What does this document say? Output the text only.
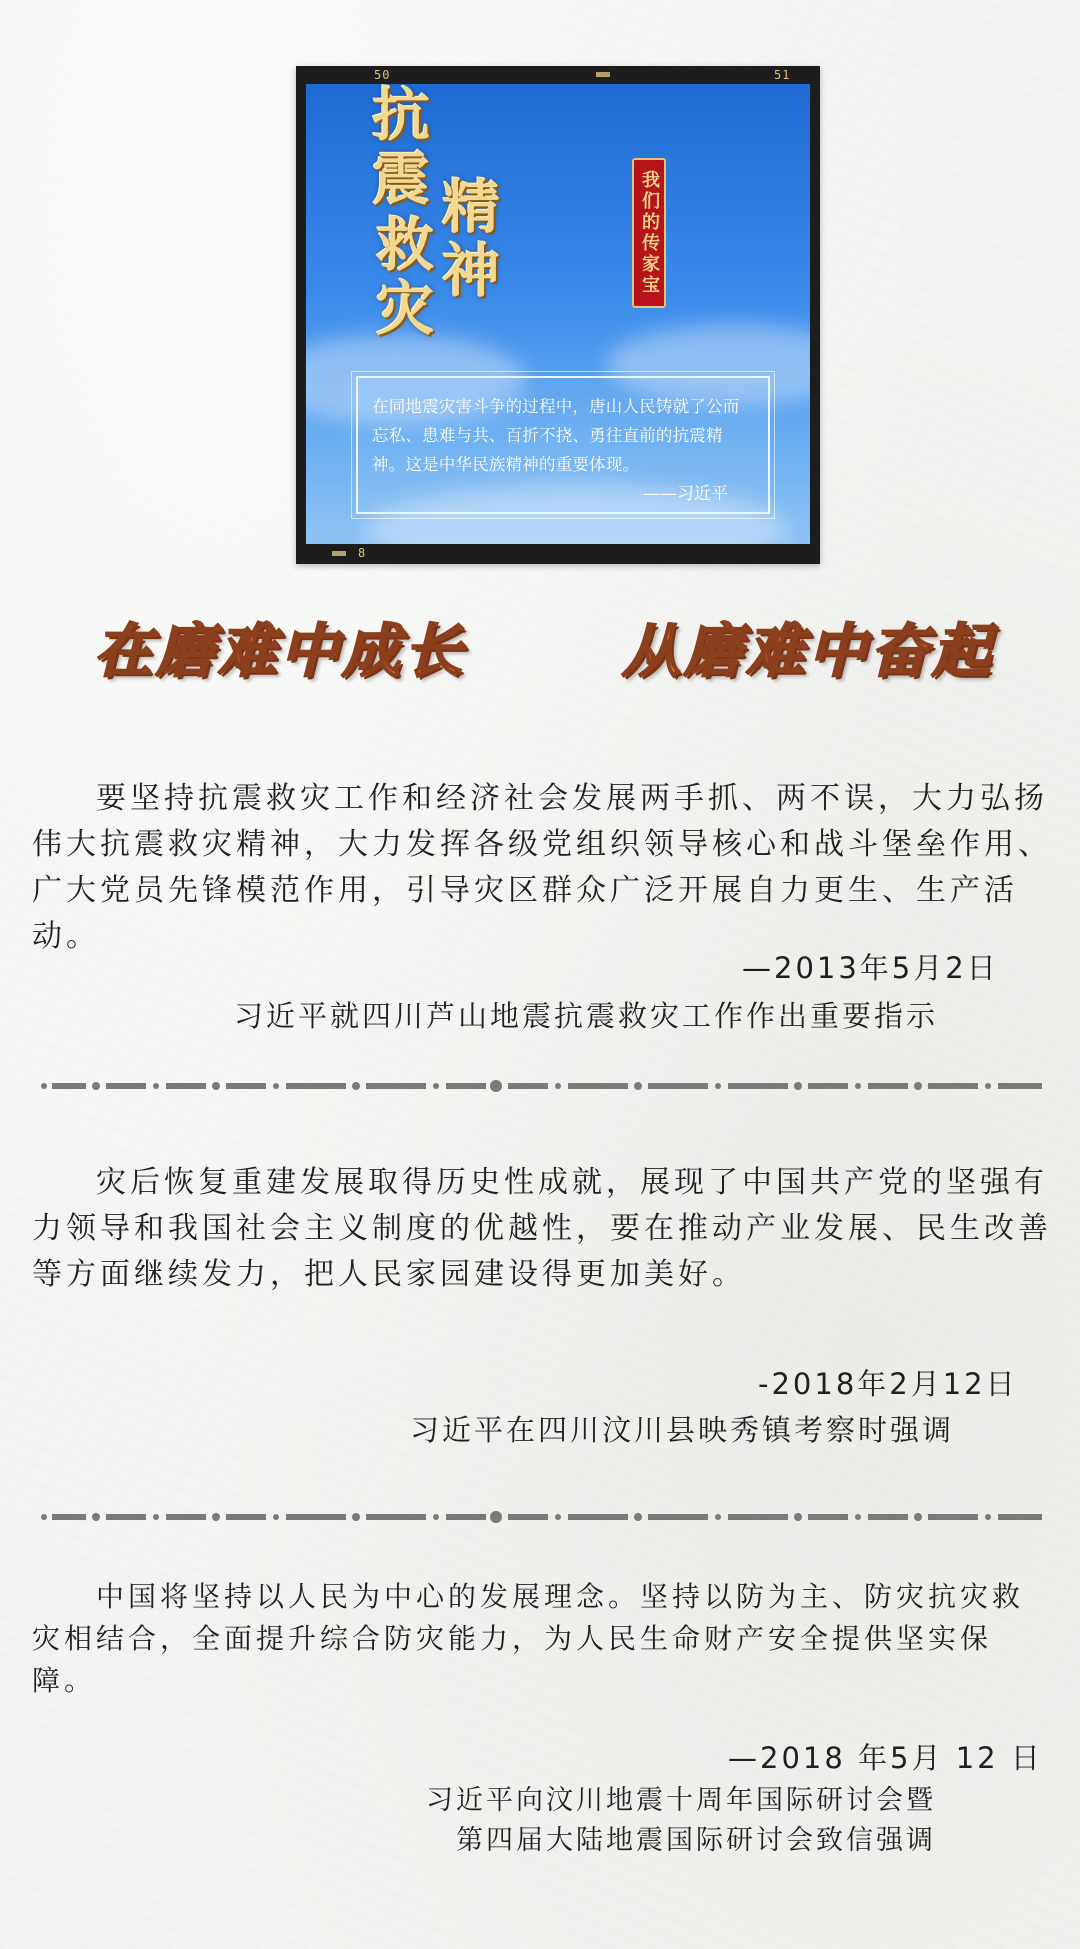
50	51
8
抗震
救灾
精神	我们的传家宝
在同地震灾害斗争的过程中，唐山人民铸就了公而忘私、患难与共、百折不挠、勇往直前的抗震精神。这是中华民族精神的重要体现。
——习近平
在磨难中成长	从磨难中奋起
要坚持抗震救灾工作和经济社会发展两手抓、两不误，大力弘扬伟大抗震救灾精神，大力发挥各级党组织领导核心和战斗堡垒作用、广大党员先锋模范作用，引导灾区群众广泛开展自力更生、生产活动。
—2013年5月2日
习近平就四川芦山地震抗震救灾工作作出重要指示
灾后恢复重建发展取得历史性成就，展现了中国共产党的坚强有力领导和我国社会主义制度的优越性，要在推动产业发展、民生改善等方面继续发力，把人民家园建设得更加美好。
-2018年2月12日
习近平在四川汶川县映秀镇考察时强调
中国将坚持以人民为中心的发展理念。坚持以防为主、防灾抗灾救灾相结合，全面提升综合防灾能力，为人民生命财产安全提供坚实保障。
—2018 年5月 12 日
习近平向汶川地震十周年国际研讨会暨
第四届大陆地震国际研讨会致信强调
